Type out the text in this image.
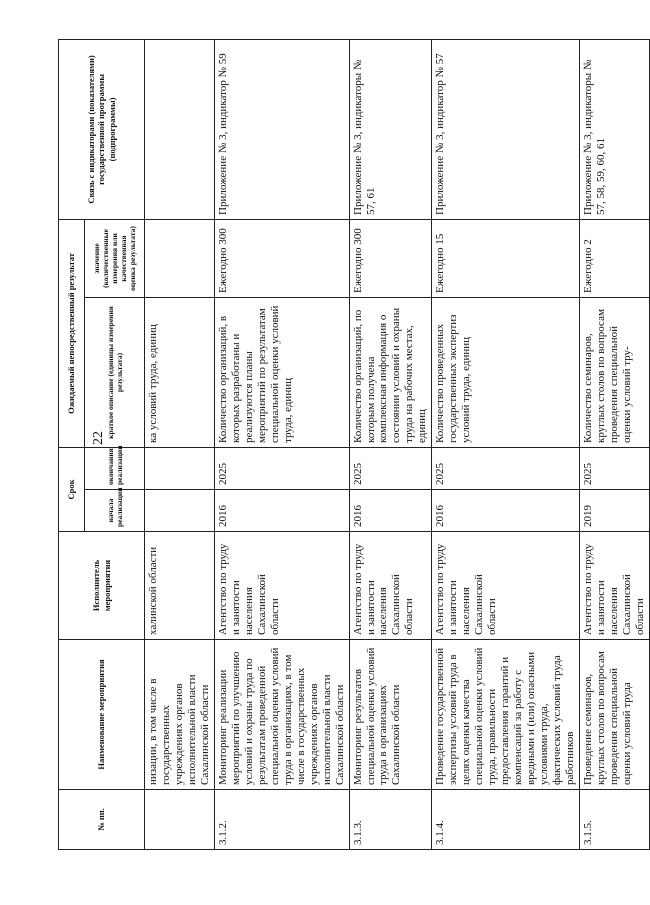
22
№ пп.	Наименование мероприятия	Исполнитель мероприятия	Срок		Ожидаемый непосредственный результат		Связь с индикаторами (показателями) государственной программы (подпрограммы)
			начала реализации	окончания реализации	краткое описание (единицы измерения результата)	значение (количественные измерения или качественная оценка результата)	
	низации, в том числе в государственных учреждениях органов исполнительной власти Сахалинской области	халинской области			ка условий труда, единиц		
3.1.2.	Мониторинг реализации мероприятий по улучшению условий и охраны труда по результатам проведенной специальной оценки условий труда в организациях, в том числе в государственных учреждениях органов исполнительной власти Сахалинской области	Агентство по труду и занятости населения Сахалинской области	2016	2025	Количество организаций, в которых разработаны и реализуются планы мероприятий по результатам специальной оценки условий труда, единиц	Ежегодно 300	Приложение № 3, индикатор № 59
3.1.3.	Мониторинг результатов специальной оценки условий труда в организациях Сахалинской области	Агентство по труду и занятости населения Сахалинской области	2016	2025	Количество организаций, по которым получена комплексная информация о состоянии условий и охраны труда на рабочих местах, единиц	Ежегодно 300	Приложение № 3, индикаторы № 57, 61
3.1.4.	Проведение государственной экспертизы условий труда в целях оценки качества специальной оценки условий труда, правильности предоставления гарантий и компенсаций за работу с вредными и (или) опасными условиями труда, фактических условий труда работников	Агентство по труду и занятости населения Сахалинской области	2016	2025	Количество проведенных государственных экспертиз условий труда, единиц	Ежегодно 15	Приложение № 3, индикатор № 57
3.1.5.	Проведение семинаров, круглых столов по вопросам проведения специальной оценки условий труда	Агентство по труду и занятости населения Сахалинской области	2019	2025	Количество семинаров, круглых столов по вопросам проведения специальной оценки условий тру-	Ежегодно 2	Приложение № 3, индикаторы № 57, 58, 59, 60, 61
